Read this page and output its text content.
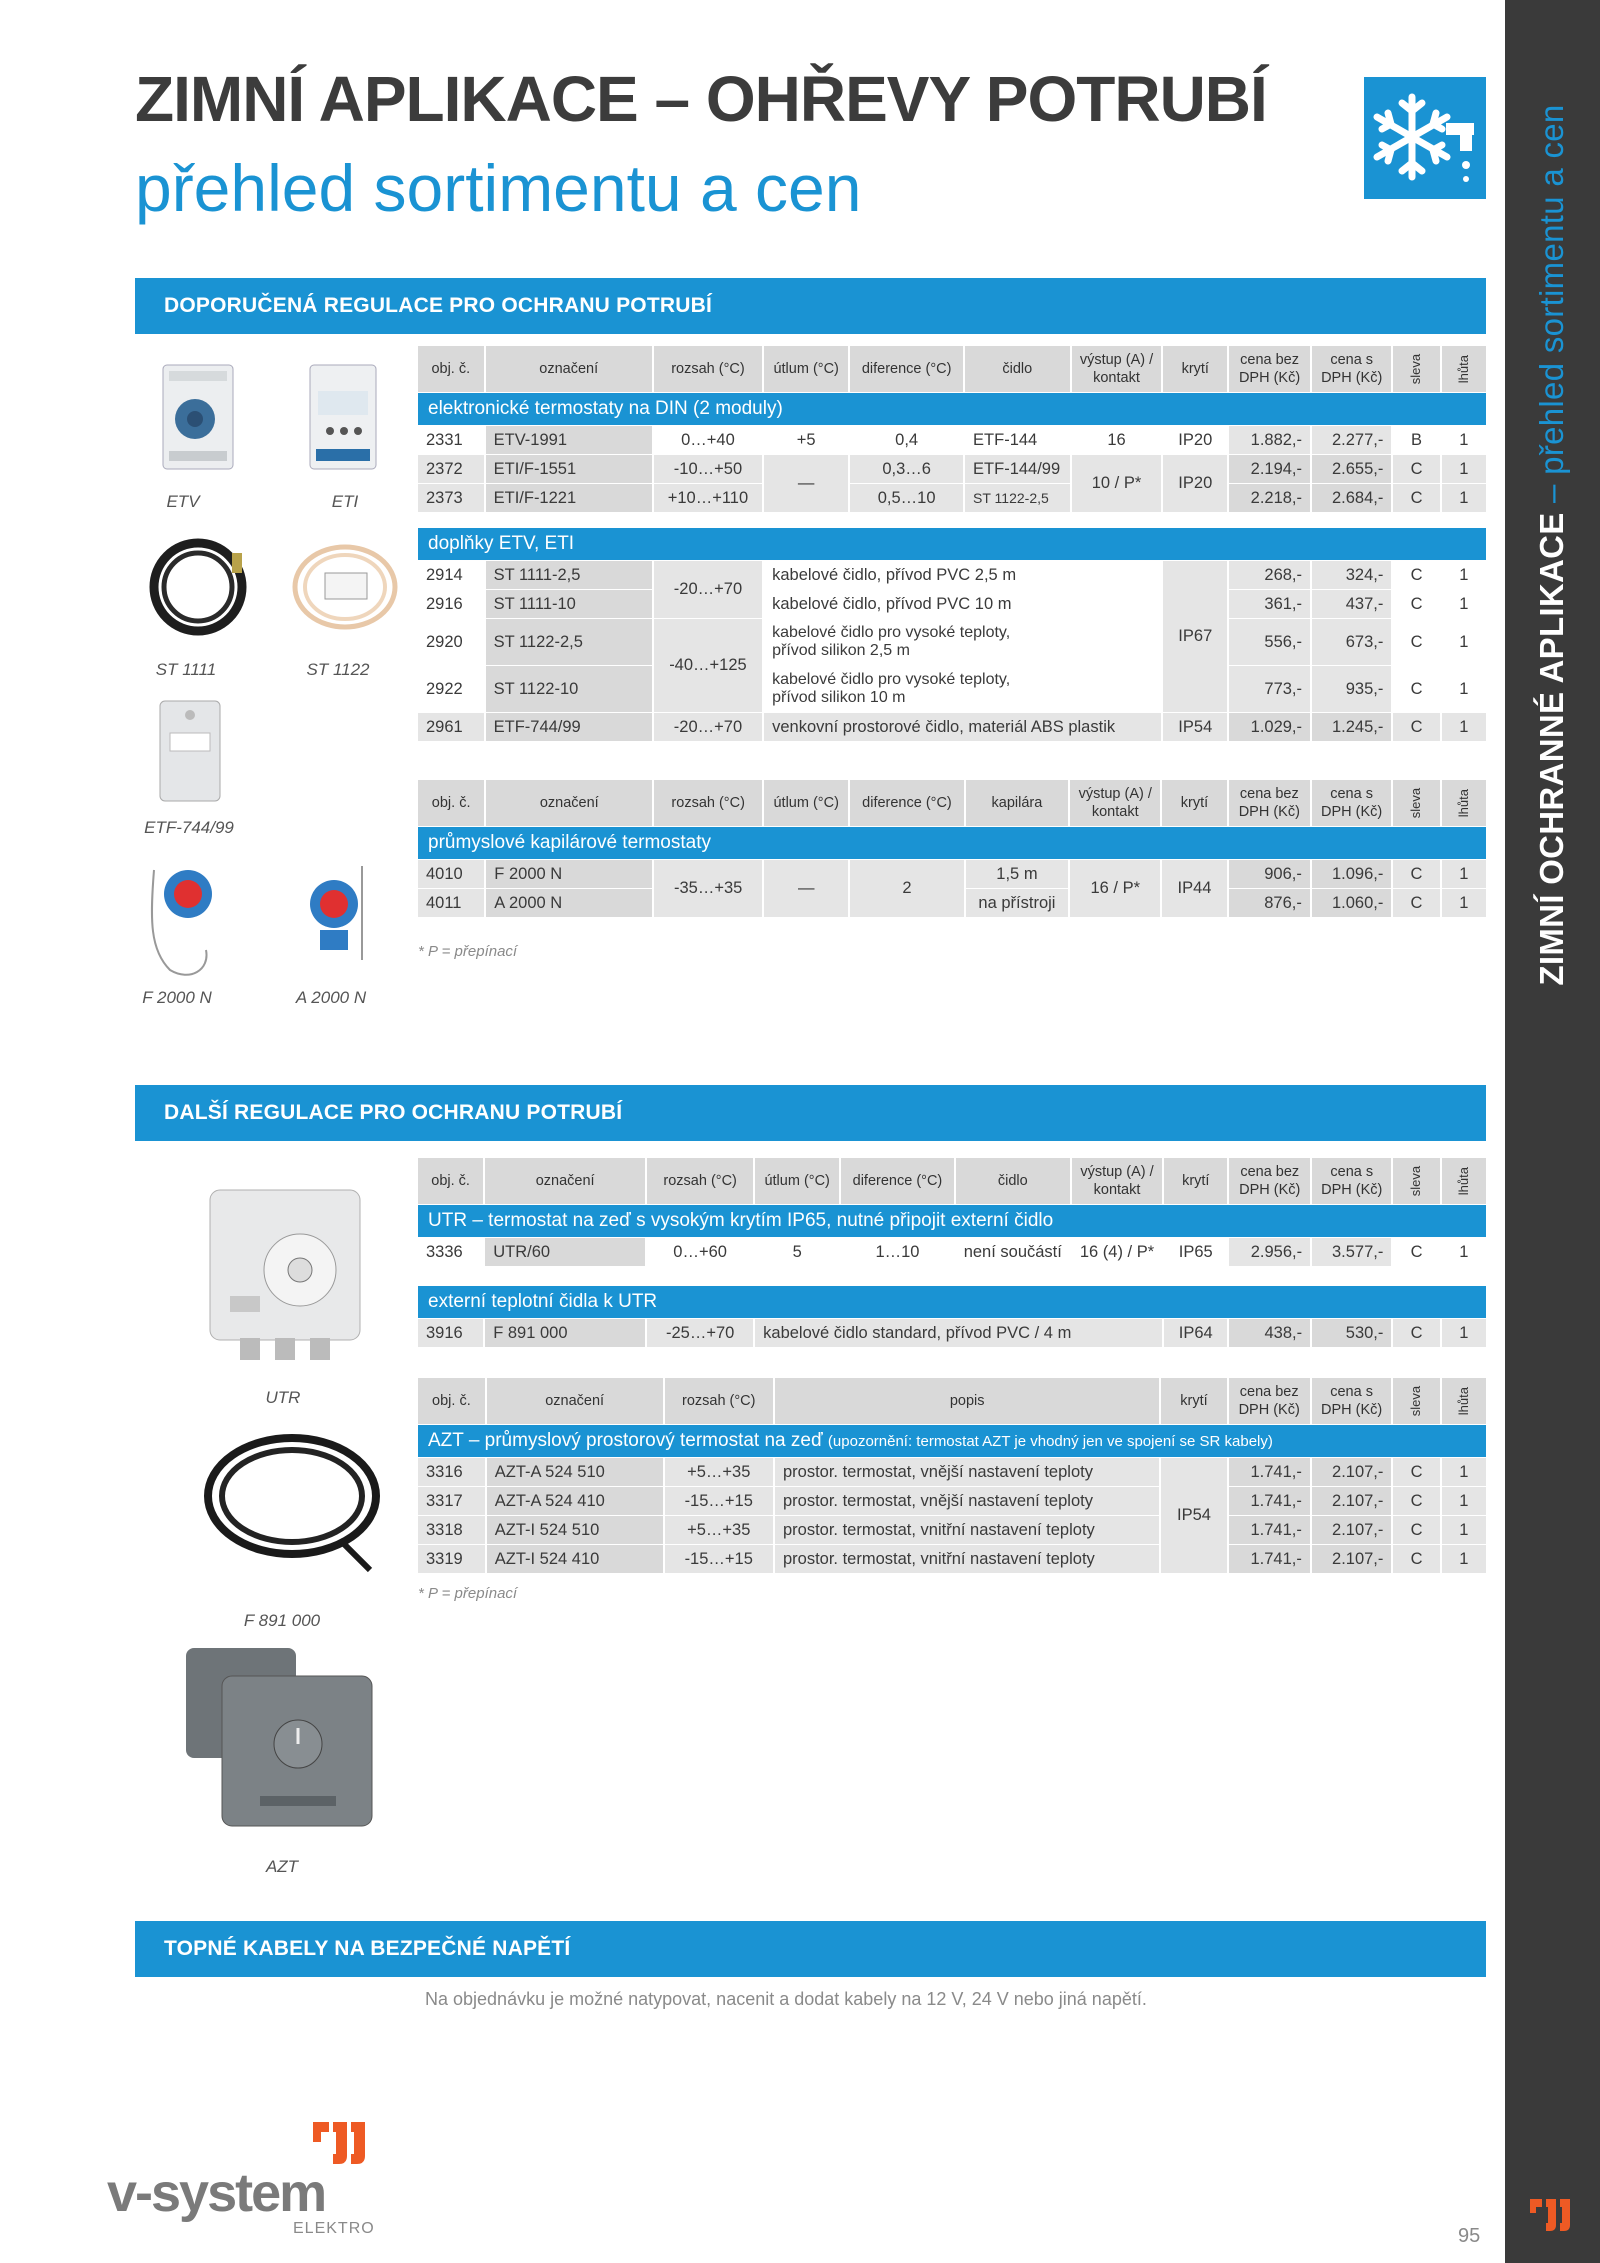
ZIMNÍ OCHRANNÉ APLIKACE – přehled sortimentu a cen
95
ZIMNÍ APLIKACE – OHŘEVY POTRUBÍ
přehled sortimentu a cen
DOPORUČENÁ REGULACE PRO OCHRANU POTRUBÍ
ETV	ETI
ST 1111	ST 1122
ETF-744/99
F 2000 N	A 2000 N
obj. č.	označení	rozsah (°C)	útlum (°C)	diference (°C)	čidlo	výstup (A) /
kontakt	krytí	cena bez
DPH (Kč)	cena s
DPH (Kč)	sleva	lhůta
elektronické termostaty na DIN (2 moduly)											
2331	ETV-1991	0…+40	+5	0,4	ETF-144	16	IP20	1.882,-	2.277,-	B	1
2372	ETI/F-1551	-10…+50	—	0,3…6	ETF-144/99	10 / P*	IP20	2.194,-	2.655,-	C	1
2373	ETI/F-1221	+10…+110		0,5…10	ST 1122-2,5			2.218,-	2.684,-	C	1

doplňky ETV, ETI											
2914	ST 1111-2,5	-20…+70	kabelové čidlo, přívod PVC 2,5 m				IP67	268,-	324,-	C	1
2916	ST 1111-10		kabelové čidlo, přívod PVC 10 m					361,-	437,-	C	1
2920	ST 1122-2,5	-40…+125	kabelové čidlo pro vysoké teploty,
přívod silikon 2,5 m					556,-	673,-	C	1
2922	ST 1122-10		kabelové čidlo pro vysoké teploty,
přívod silikon 10 m					773,-	935,-	C	1
2961	ETF-744/99	-20…+70	venkovní prostorové čidlo, materiál ABS plastik				IP54	1.029,-	1.245,-	C	1
obj. č.	označení	rozsah (°C)	útlum (°C)	diference (°C)	kapilára	výstup (A) /
kontakt	krytí	cena bez
DPH (Kč)	cena s
DPH (Kč)	sleva	lhůta
průmyslové kapilárové termostaty											
4010	F 2000 N	-35…+35	—	2	1,5 m	16 / P*	IP44	906,-	1.096,-	C	1
4011	A 2000 N				na přístroji			876,-	1.060,-	C	1
* P = přepínací
DALŠÍ REGULACE PRO OCHRANU POTRUBÍ
UTR
F 891 000
AZT
obj. č.	označení	rozsah (°C)	útlum (°C)	diference (°C)	čidlo	výstup (A) /
kontakt	krytí	cena bez
DPH (Kč)	cena s
DPH (Kč)	sleva	lhůta
UTR – termostat na zeď s vysokým krytím IP65, nutné připojit externí čidlo											
3336	UTR/60	0…+60	5	1…10	není součástí	16 (4) / P*	IP65	2.956,-	3.577,-	C	1

externí teplotní čidla k UTR											
3916	F 891 000	-25…+70	kabelové čidlo standard, přívod PVC / 4 m				IP64	438,-	530,-	C	1
obj. č.	označení	rozsah (°C)	popis	krytí	cena bez
DPH (Kč)	cena s
DPH (Kč)	sleva	lhůta
AZT – průmyslový prostorový termostat na zeď (upozornění: termostat AZT je vhodný jen ve spojení se SR kabely)								
3316	AZT-A 524 510	+5…+35	prostor. termostat, vnější nastavení teploty	IP54	1.741,-	2.107,-	C	1
3317	AZT-A 524 410	-15…+15	prostor. termostat, vnější nastavení teploty		1.741,-	2.107,-	C	1
3318	AZT-I 524 510	+5…+35	prostor. termostat, vnitřní nastavení teploty		1.741,-	2.107,-	C	1
3319	AZT-I 524 410	-15…+15	prostor. termostat, vnitřní nastavení teploty		1.741,-	2.107,-	C	1
* P = přepínací
TOPNÉ KABELY NA BEZPEČNÉ NAPĚTÍ
Na objednávku je možné natypovat, nacenit a dodat kabely na 12 V, 24 V nebo jiná napětí.
v-system
ELEKTRO
